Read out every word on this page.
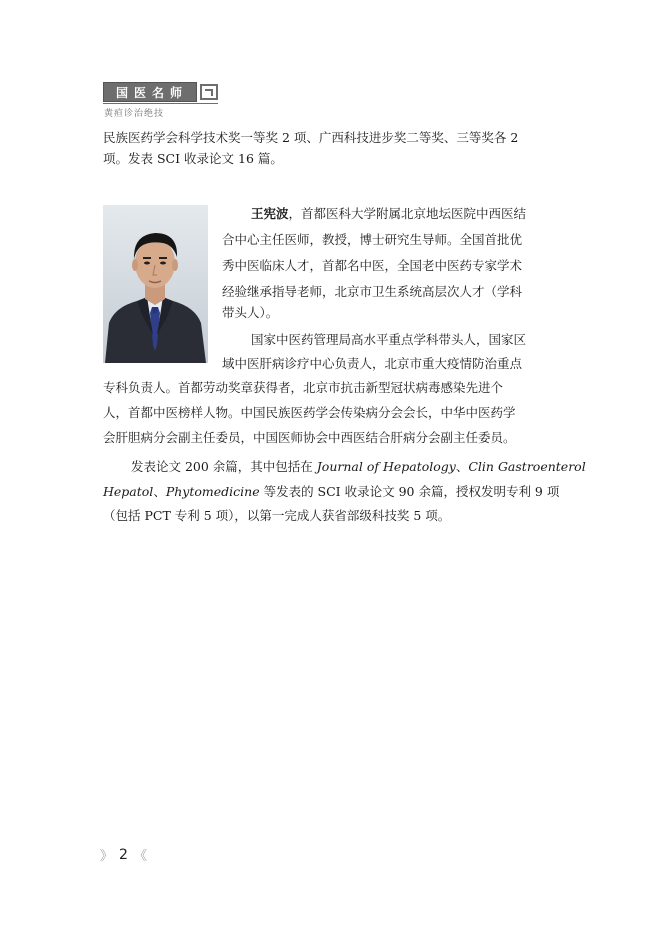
国 医 名 师
黄疸诊治绝技
民族医药学会科学技术奖一等奖 2 项、广西科技进步奖二等奖、三等奖各 2
项。发表 SCI 收录论文 16 篇。
王宪波，首都医科大学附属北京地坛医院中西医结
合中心主任医师，教授，博士研究生导师。全国首批优
秀中医临床人才，首都名中医，全国老中医药专家学术
经验继承指导老师，北京市卫生系统高层次人才（学科
带头人）。
国家中医药管理局高水平重点学科带头人，国家区
域中医肝病诊疗中心负责人，北京市重大疫情防治重点
专科负责人。首都劳动奖章获得者，北京市抗击新型冠状病毒感染先进个
人，首都中医榜样人物。中国民族医药学会传染病分会会长，中华中医药学
会肝胆病分会副主任委员，中国医师协会中西医结合肝病分会副主任委员。
发表论文 200 余篇，其中包括在 Journal of Hepatology、Clin Gastroenterol
Hepatol、Phytomedicine 等发表的 SCI 收录论文 90 余篇，授权发明专利 9 项
（包括 PCT 专利 5 项），以第一完成人获省部级科技奖 5 项。
》 2 《
